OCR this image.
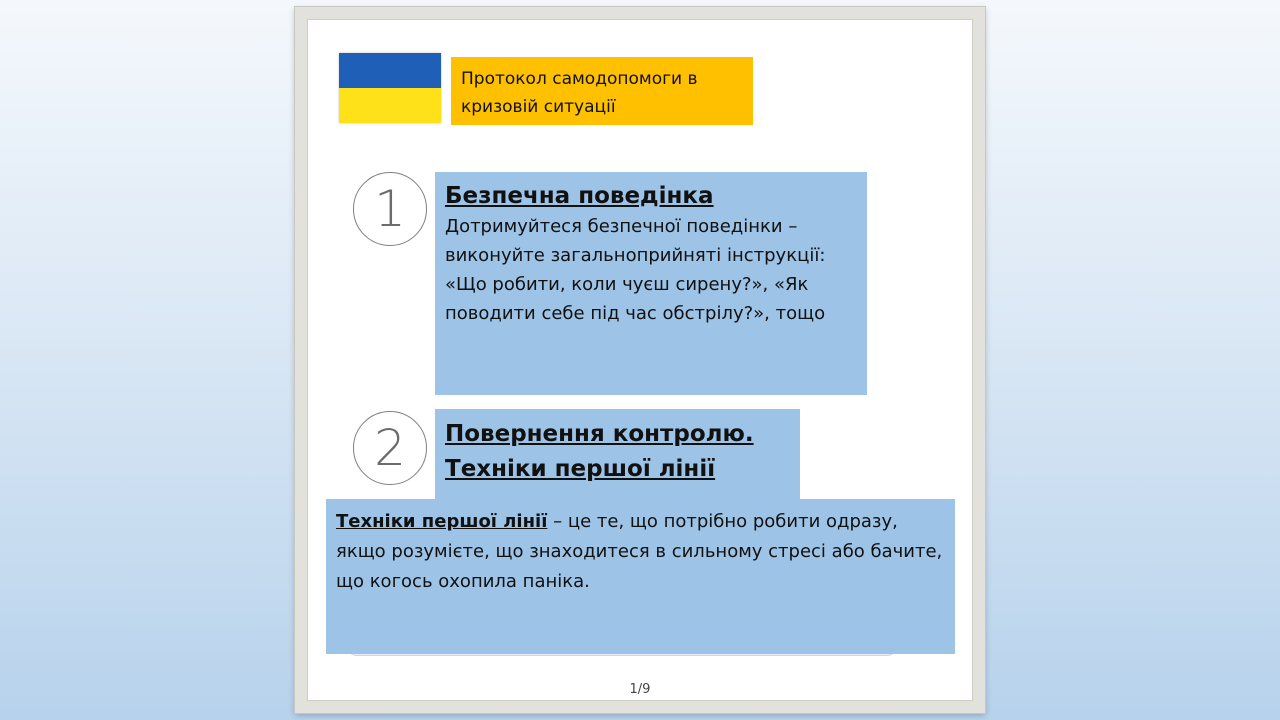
Протокол самодопомоги в кризовій ситуації
1	Безпечна поведінка
Дотримуйтеся безпечної поведінки – виконуйте загальноприйняті інструкції: «Що робити, коли чуєш сирену?», «Як поводити себе під час обстрілу?», тощо
2	Повернення контролю.
Техніки першої лінії
1/9
Техніки першої лінії – це те, що потрібно робити одразу, якщо розумієте, що знаходитеся в сильному стресі або бачите, що когось охопила паніка.
